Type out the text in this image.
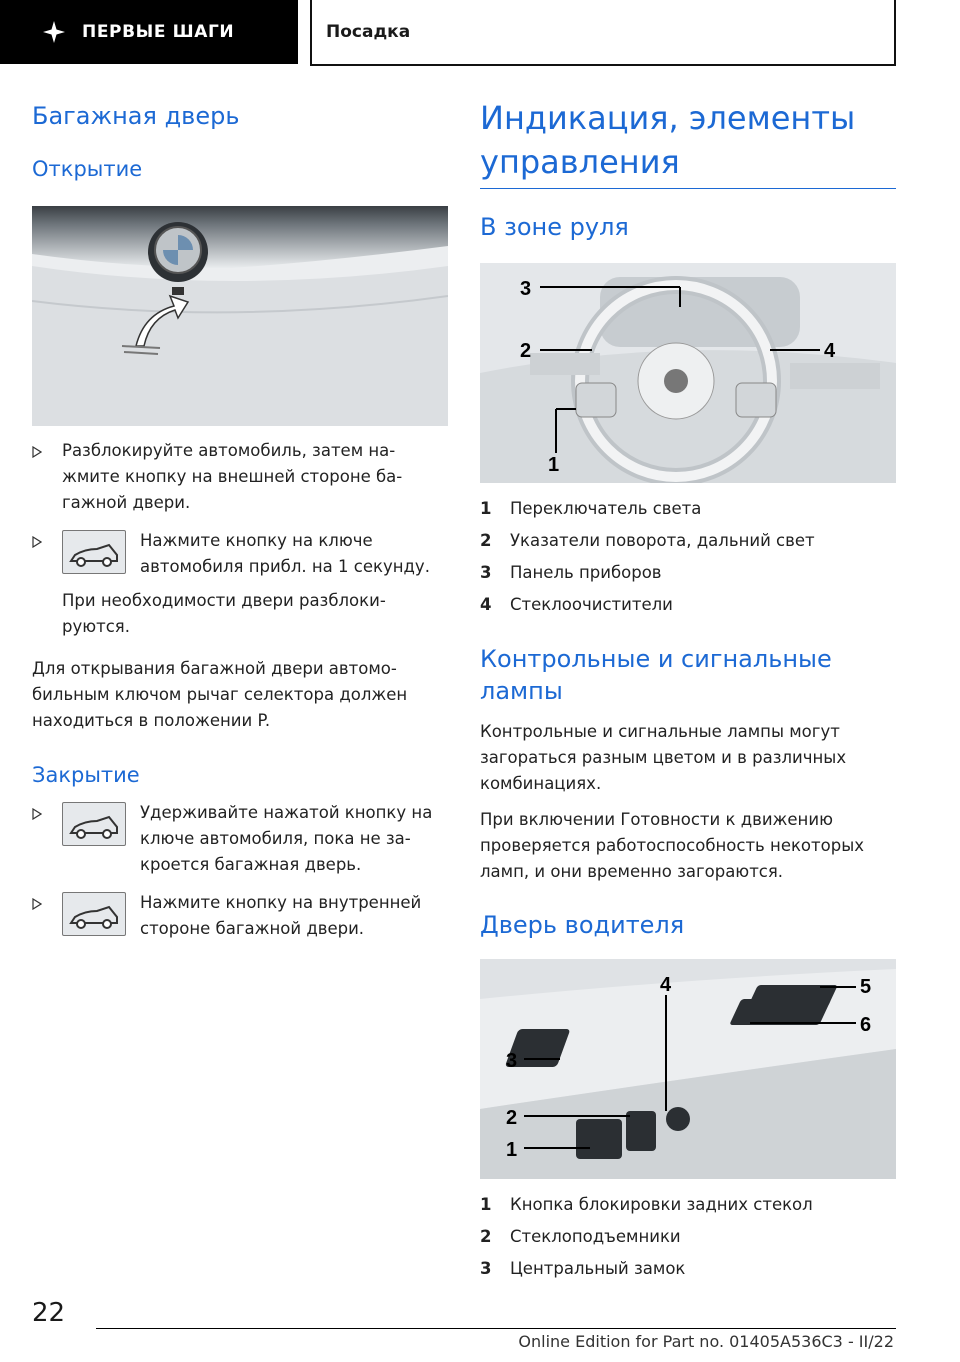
ПЕРВЫЕ ШАГИ	Посадка
Багажная дверь
Открытие
Разблокируйте автомобиль, затем на-жмите кнопку на внешней стороне ба-гажной двери.
Нажмите кнопку на ключе автомобиля прибл. на 1 секунду.
При необходимости двери разблоки-руются.
Для открывания багажной двери автомо-бильным ключом рычаг селектора должен находиться в положении P.
Закрытие
Удерживайте нажатой кнопку на ключе автомобиля, пока не за-кроется багажная дверь.
Нажмите кнопку на внутренней стороне багажной двери.
Индикация, элементы управления
В зоне руля
3
2	4
1
1	Переключатель света
2	Указатели поворота, дальний свет
3	Панель приборов
4	Стеклоочистители
Контрольные и сигнальные лампы
Контрольные и сигнальные лампы могут загораться разным цветом и в различных комбинациях.
При включении Готовности к движению проверяется работоспособность некоторых ламп, и они временно загораются.
Дверь водителя
4	5
6
3
2
1
1	Кнопка блокировки задних стекол
2	Стеклоподъемники
3	Центральный замок
22
Online Edition for Part no. 01405A536C3 - II/22
